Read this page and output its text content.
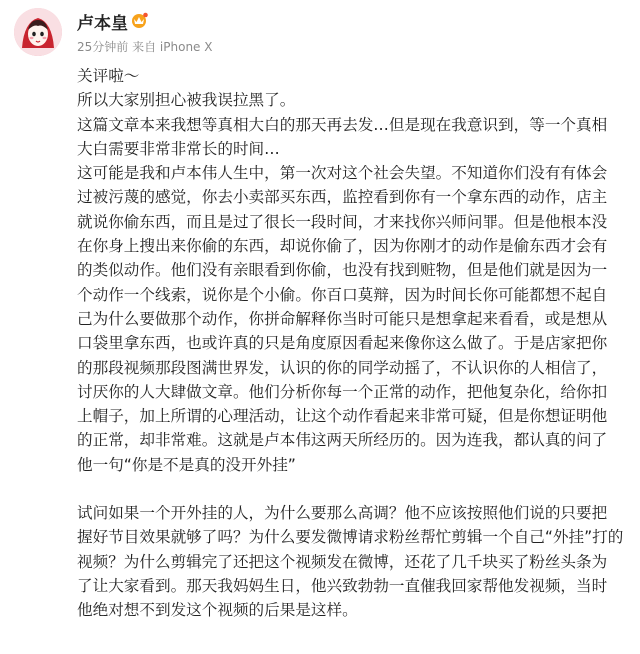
卢本皇
25分钟前 来自 iPhone X

关评啦～

所以大家别担心被我误拉黑了。

这篇文章本来我想等真相大白的那天再去发…但是现在我意识到，等一个真相
大白需要非常非常长的时间…

这可能是我和卢本伟人生中，第一次对这个社会失望。不知道你们没有有体会
过被污蔑的感觉，你去小卖部买东西，监控看到你有一个拿东西的动作，店主
就说你偷东西，而且是过了很长一段时间，才来找你兴师问罪。但是他根本没
在你身上搜出来你偷的东西，却说你偷了，因为你刚才的动作是偷东西才会有
的类似动作。他们没有亲眼看到你偷，也没有找到赃物，但是他们就是因为一
个动作一个线索，说你是个小偷。你百口莫辩，因为时间长你可能都想不起自
己为什么要做那个动作，你拼命解释你当时可能只是想拿起来看看，或是想从
口袋里拿东西，也或许真的只是角度原因看起来像你这么做了。于是店家把你
的那段视频那段图满世界发，认识的你的同学动摇了，不认识你的人相信了，
讨厌你的人大肆做文章。他们分析你每一个正常的动作，把他复杂化，给你扣
上帽子，加上所谓的心理活动，让这个动作看起来非常可疑，但是你想证明他
的正常，却非常难。这就是卢本伟这两天所经历的。因为连我，都认真的问了
他一句“你是不是真的没开外挂”

试问如果一个开外挂的人，为什么要那么高调？他不应该按照他们说的只要把
握好节目效果就够了吗？为什么要发微博请求粉丝帮忙剪辑一个自己“外挂”打的
视频？为什么剪辑完了还把这个视频发在微博，还花了几千块买了粉丝头条为
了让大家看到。那天我妈妈生日，他兴致勃勃一直催我回家帮他发视频，当时
他绝对想不到发这个视频的后果是这样。
